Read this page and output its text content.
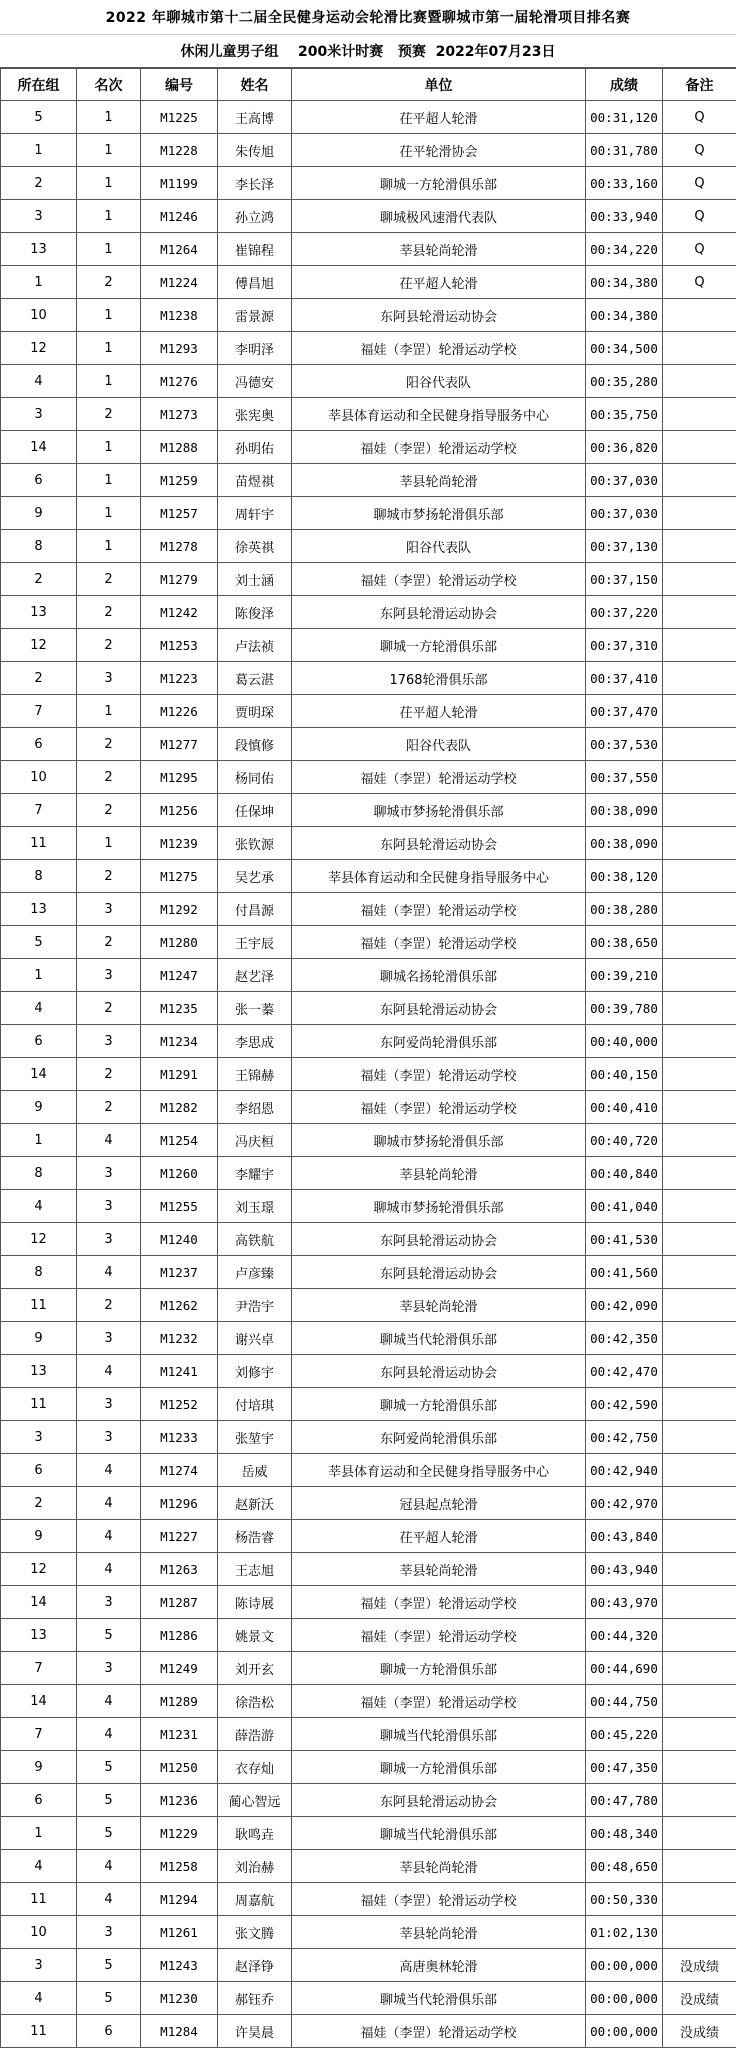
2022 年聊城市第十二届全民健身运动会轮滑比赛暨聊城市第一届轮滑项目排名赛
休闲儿童男子组    200米计时赛   预赛  2022年07月23日
所在组	名次	编号	姓名	单位	成绩	备注
5	1	M1225	王高博	茌平超人轮滑	00:31,120	Q
1	1	M1228	朱传旭	茌平轮滑协会	00:31,780	Q
2	1	M1199	李长泽	聊城一方轮滑俱乐部	00:33,160	Q
3	1	M1246	孙立鸿	聊城极风速滑代表队	00:33,940	Q
13	1	M1264	崔锦程	莘县轮尚轮滑	00:34,220	Q
1	2	M1224	傅昌旭	茌平超人轮滑	00:34,380	Q
10	1	M1238	雷景源	东阿县轮滑运动协会	00:34,380	
12	1	M1293	李明泽	福娃（李罡）轮滑运动学校	00:34,500	
4	1	M1276	冯德安	阳谷代表队	00:35,280	
3	2	M1273	张宪奥	莘县体育运动和全民健身指导服务中心	00:35,750	
14	1	M1288	孙明佑	福娃（李罡）轮滑运动学校	00:36,820	
6	1	M1259	苗煜祺	莘县轮尚轮滑	00:37,030	
9	1	M1257	周轩宇	聊城市梦扬轮滑俱乐部	00:37,030	
8	1	M1278	徐英祺	阳谷代表队	00:37,130	
2	2	M1279	刘士涵	福娃（李罡）轮滑运动学校	00:37,150	
13	2	M1242	陈俊泽	东阿县轮滑运动协会	00:37,220	
12	2	M1253	卢法祯	聊城一方轮滑俱乐部	00:37,310	
2	3	M1223	葛云湛	1768轮滑俱乐部	00:37,410	
7	1	M1226	贾明琛	茌平超人轮滑	00:37,470	
6	2	M1277	段慎修	阳谷代表队	00:37,530	
10	2	M1295	杨同佑	福娃（李罡）轮滑运动学校	00:37,550	
7	2	M1256	任保坤	聊城市梦扬轮滑俱乐部	00:38,090	
11	1	M1239	张钦源	东阿县轮滑运动协会	00:38,090	
8	2	M1275	吴艺承	莘县体育运动和全民健身指导服务中心	00:38,120	
13	3	M1292	付昌源	福娃（李罡）轮滑运动学校	00:38,280	
5	2	M1280	王宇辰	福娃（李罡）轮滑运动学校	00:38,650	
1	3	M1247	赵艺泽	聊城名扬轮滑俱乐部	00:39,210	
4	2	M1235	张一蓁	东阿县轮滑运动协会	00:39,780	
6	3	M1234	李思成	东阿爱尚轮滑俱乐部	00:40,000	
14	2	M1291	王锦赫	福娃（李罡）轮滑运动学校	00:40,150	
9	2	M1282	李绍恩	福娃（李罡）轮滑运动学校	00:40,410	
1	4	M1254	冯庆桓	聊城市梦扬轮滑俱乐部	00:40,720	
8	3	M1260	李耀宇	莘县轮尚轮滑	00:40,840	
4	3	M1255	刘玉璟	聊城市梦扬轮滑俱乐部	00:41,040	
12	3	M1240	高铁航	东阿县轮滑运动协会	00:41,530	
8	4	M1237	卢彦臻	东阿县轮滑运动协会	00:41,560	
11	2	M1262	尹浩宇	莘县轮尚轮滑	00:42,090	
9	3	M1232	谢兴卓	聊城当代轮滑俱乐部	00:42,350	
13	4	M1241	刘修宇	东阿县轮滑运动协会	00:42,470	
11	3	M1252	付培琪	聊城一方轮滑俱乐部	00:42,590	
3	3	M1233	张堃宇	东阿爱尚轮滑俱乐部	00:42,750	
6	4	M1274	岳威	莘县体育运动和全民健身指导服务中心	00:42,940	
2	4	M1296	赵新沃	冠县起点轮滑	00:42,970	
9	4	M1227	杨浩睿	茌平超人轮滑	00:43,840	
12	4	M1263	王志旭	莘县轮尚轮滑	00:43,940	
14	3	M1287	陈诗展	福娃（李罡）轮滑运动学校	00:43,970	
13	5	M1286	姚景文	福娃（李罡）轮滑运动学校	00:44,320	
7	3	M1249	刘开玄	聊城一方轮滑俱乐部	00:44,690	
14	4	M1289	徐浩松	福娃（李罡）轮滑运动学校	00:44,750	
7	4	M1231	薛浩游	聊城当代轮滑俱乐部	00:45,220	
9	5	M1250	衣存灿	聊城一方轮滑俱乐部	00:47,350	
6	5	M1236	蔺心智远	东阿县轮滑运动协会	00:47,780	
1	5	M1229	耿鸣垚	聊城当代轮滑俱乐部	00:48,340	
4	4	M1258	刘治赫	莘县轮尚轮滑	00:48,650	
11	4	M1294	周嘉航	福娃（李罡）轮滑运动学校	00:50,330	
10	3	M1261	张文腾	莘县轮尚轮滑	01:02,130	
3	5	M1243	赵泽铮	高唐奥林轮滑	00:00,000	没成绩
4	5	M1230	郝钰乔	聊城当代轮滑俱乐部	00:00,000	没成绩
11	6	M1284	许昊晨	福娃（李罡）轮滑运动学校	00:00,000	没成绩
